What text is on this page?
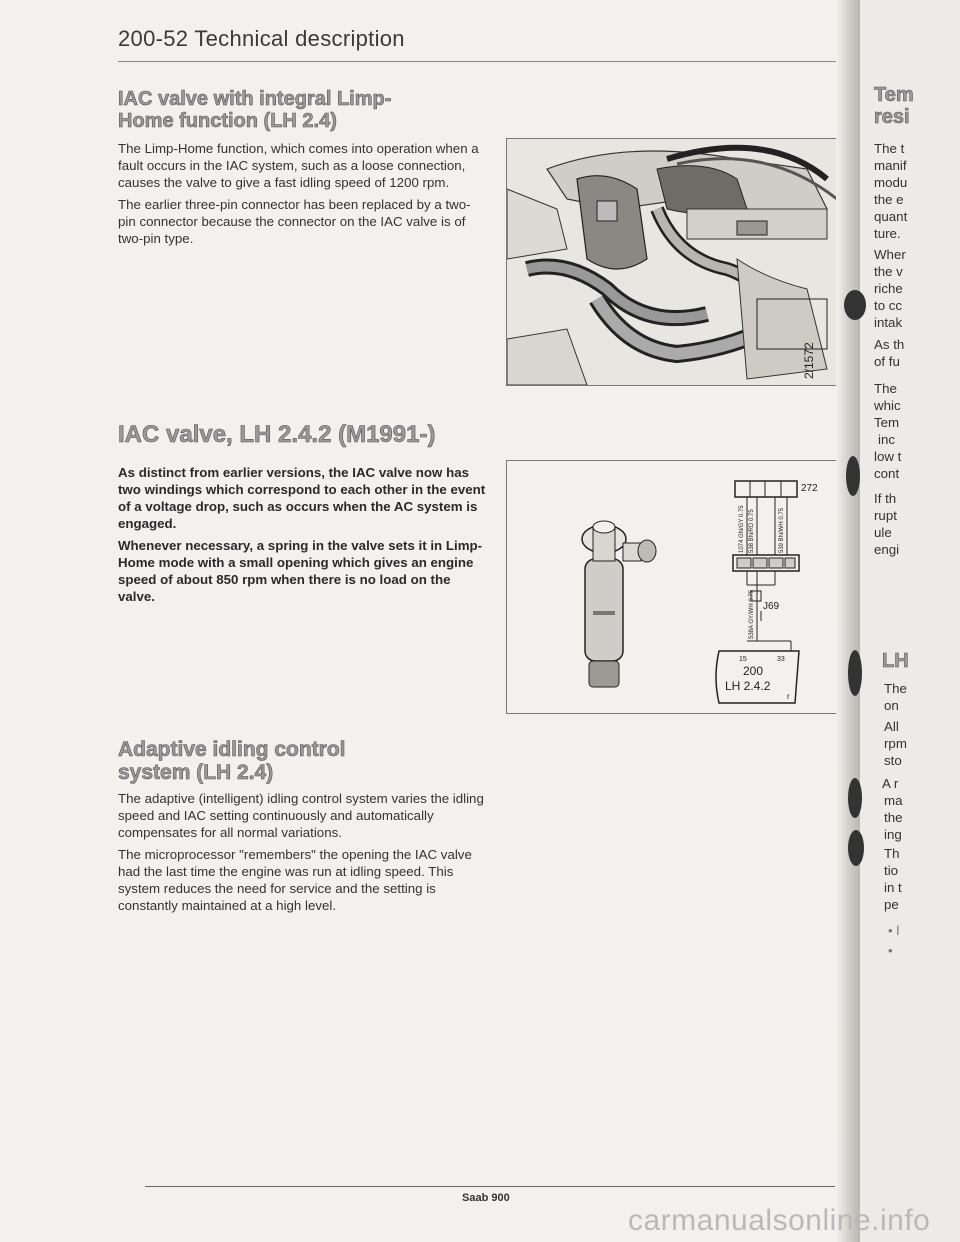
200-52 Technical description
IAC valve with integral Limp-
Home function (LH 2.4)

The Limp-Home function, which comes into operation when a fault occurs in the IAC system, such as a loose connection, causes the valve to give a fast idling speed of 1200 rpm.

The earlier three-pin connector has been replaced by a two- pin connector because the connector on the IAC valve is of two-pin type.

IAC valve, LH 2.4.2 (M1991-)

As distinct from earlier versions, the IAC valve now has two windings which correspond to each other in the event of a voltage drop, such as occurs when the AC system is engaged.

Whenever necessary, a spring in the valve sets it in Limp- Home mode with a small opening which gives an engine speed of about 850 rpm when there is no load on the valve.

Adaptive idling control
system (LH 2.4)

The adaptive (intelligent) idling control system varies the idling speed and IAC setting continuously and automatically compensates for all normal variations.

The microprocessor "remembers" the opening the IAC valve had the last time the engine was run at idling speed. This system reduces the need for service and the setting is constantly maintained at a high level.

2/1572
272
1074 GN/GY 0.75 538 BN/RD 0.75	539 BN/WH 0.75
J69
538A GY/WH 0.75
15	33
200
LH 2.4.2
r
Tem
resi
The t
manif
modu
the e
quant
ture.
Wher
the v
riche
to cc
intak
As th
of fu
The
whic
Tem
inc
low t
cont
If th
rupt
ule
engi
LH
The
on
All
rpm
sto
A r
ma
the
ing
Th
tio
in t
pe
• l
•
Saab 900
carmanualsonline.info
